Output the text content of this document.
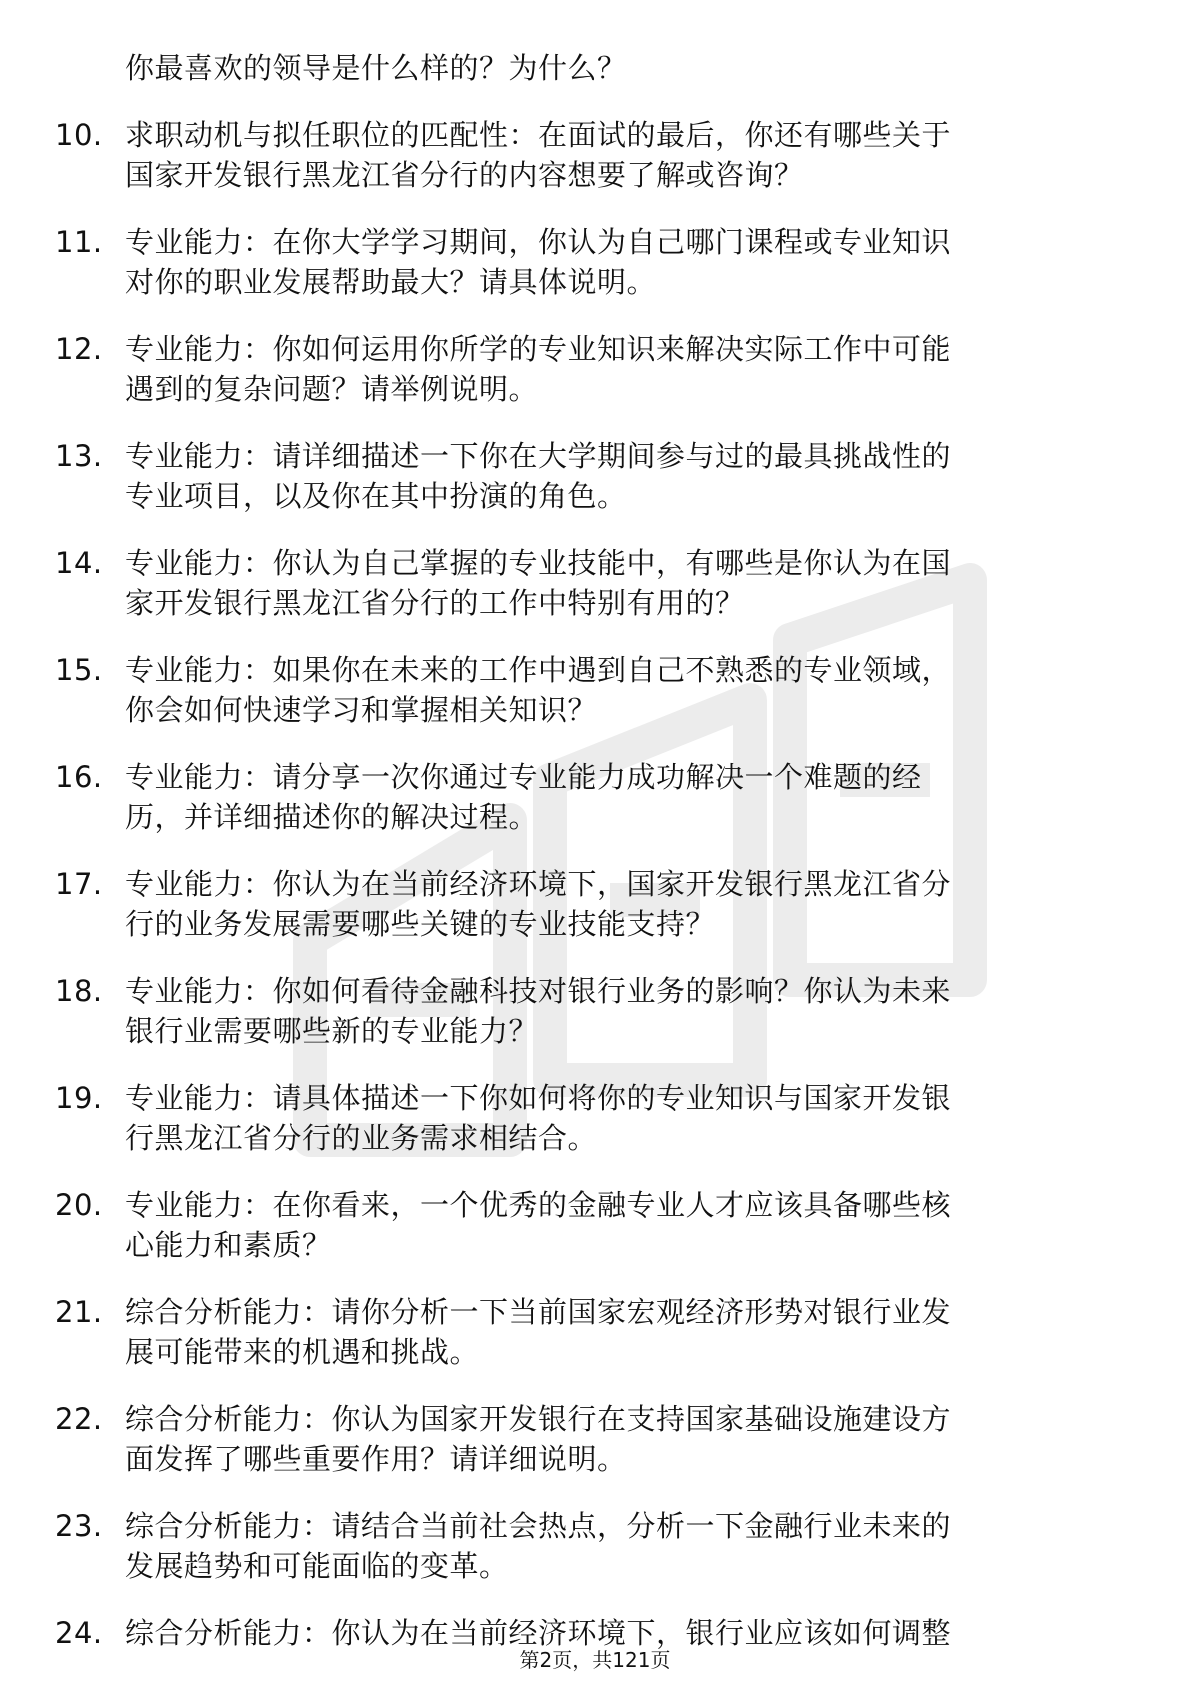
你最喜欢的领导是什么样的？为什么？
10. 求职动机与拟任职位的匹配性：在面试的最后，你还有哪些关于
国家开发银行黑龙江省分行的内容想要了解或咨询？
11. 专业能力：在你大学学习期间，你认为自己哪门课程或专业知识
对你的职业发展帮助最大？请具体说明。
12. 专业能力：你如何运用你所学的专业知识来解决实际工作中可能
遇到的复杂问题？请举例说明。
13. 专业能力：请详细描述一下你在大学期间参与过的最具挑战性的
专业项目，以及你在其中扮演的角色。
14. 专业能力：你认为自己掌握的专业技能中，有哪些是你认为在国
家开发银行黑龙江省分行的工作中特别有用的？
15. 专业能力：如果你在未来的工作中遇到自己不熟悉的专业领域，
你会如何快速学习和掌握相关知识？
16. 专业能力：请分享一次你通过专业能力成功解决一个难题的经
历，并详细描述你的解决过程。
17. 专业能力：你认为在当前经济环境下，国家开发银行黑龙江省分
行的业务发展需要哪些关键的专业技能支持？
18. 专业能力：你如何看待金融科技对银行业务的影响？你认为未来
银行业需要哪些新的专业能力？
19. 专业能力：请具体描述一下你如何将你的专业知识与国家开发银
行黑龙江省分行的业务需求相结合。
20. 专业能力：在你看来，一个优秀的金融专业人才应该具备哪些核
心能力和素质？
21. 综合分析能力：请你分析一下当前国家宏观经济形势对银行业发
展可能带来的机遇和挑战。
22. 综合分析能力：你认为国家开发银行在支持国家基础设施建设方
面发挥了哪些重要作用？请详细说明。
23. 综合分析能力：请结合当前社会热点，分析一下金融行业未来的
发展趋势和可能面临的变革。
24. 综合分析能力：你认为在当前经济环境下，银行业应该如何调整
第2页，共121页
